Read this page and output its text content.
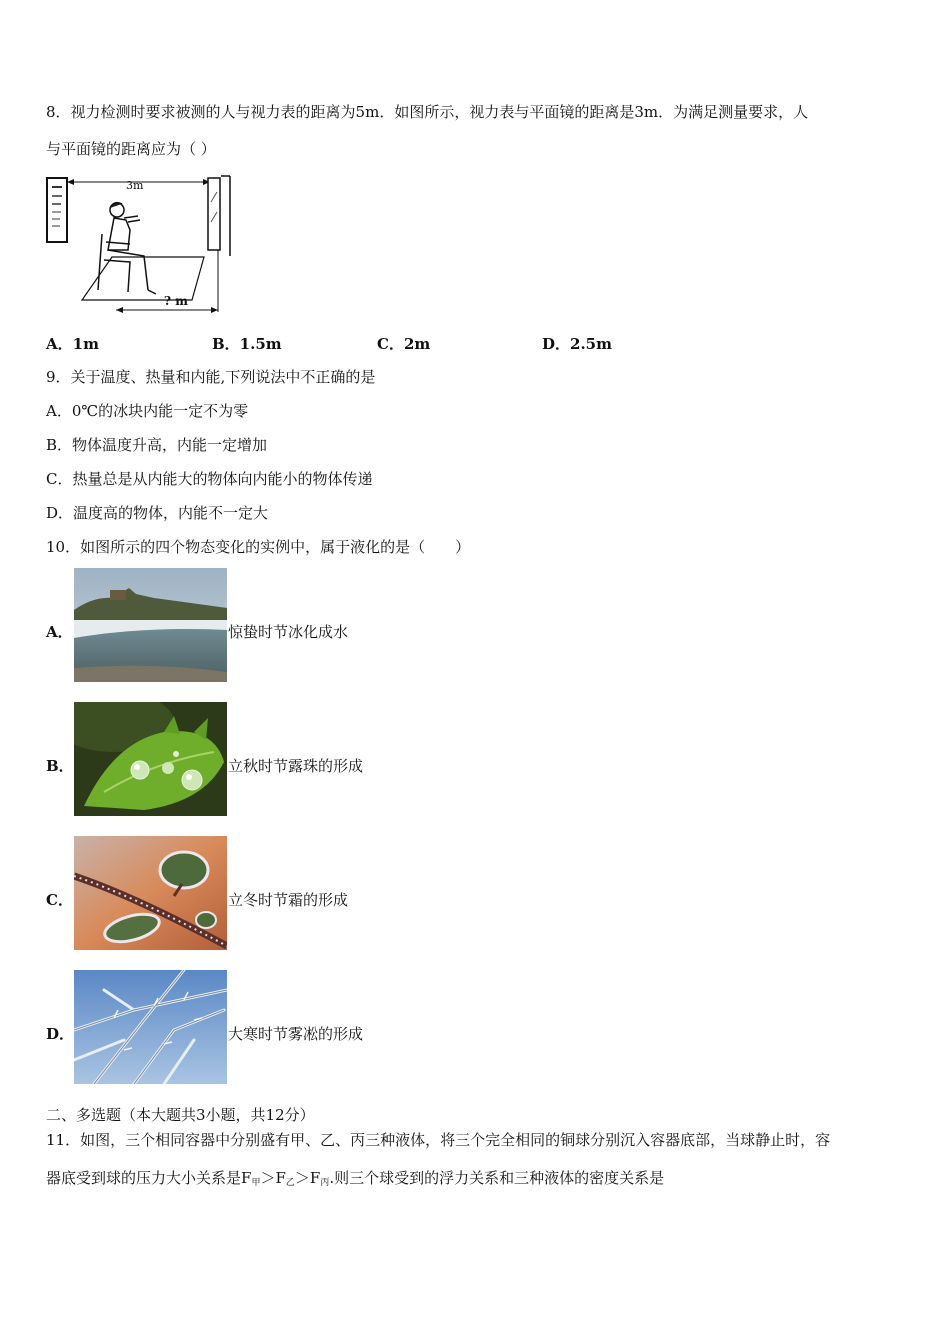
8．视力检测时要求被测的人与视力表的距离为5m．如图所示，视力表与平面镜的距离是3m．为满足测量要求，人
与平面镜的距离应为（ ）
3m
? m
A．1m	B．1.5m	C．2m	D．2.5m
9．关于温度、热量和内能,下列说法中不正确的是
A．0℃的冰块内能一定不为零
B．物体温度升高，内能一定增加
C．热量总是从内能大的物体向内能小的物体传递
D．温度高的物体，内能不一定大
10．如图所示的四个物态变化的实例中，属于液化的是（　　）
A．	惊蛰时节冰化成水
B．	立秋时节露珠的形成
C．	立冬时节霜的形成
D．	大寒时节雾凇的形成
二、多选题（本大题共3小题，共12分）
11．如图，三个相同容器中分别盛有甲、乙、丙三种液体，将三个完全相同的铜球分别沉入容器底部，当球静止时，容
器底受到球的压力大小关系是$F_甲>F_乙>F_丙$.则三个球受到的浮力关系和三种液体的密度关系是
